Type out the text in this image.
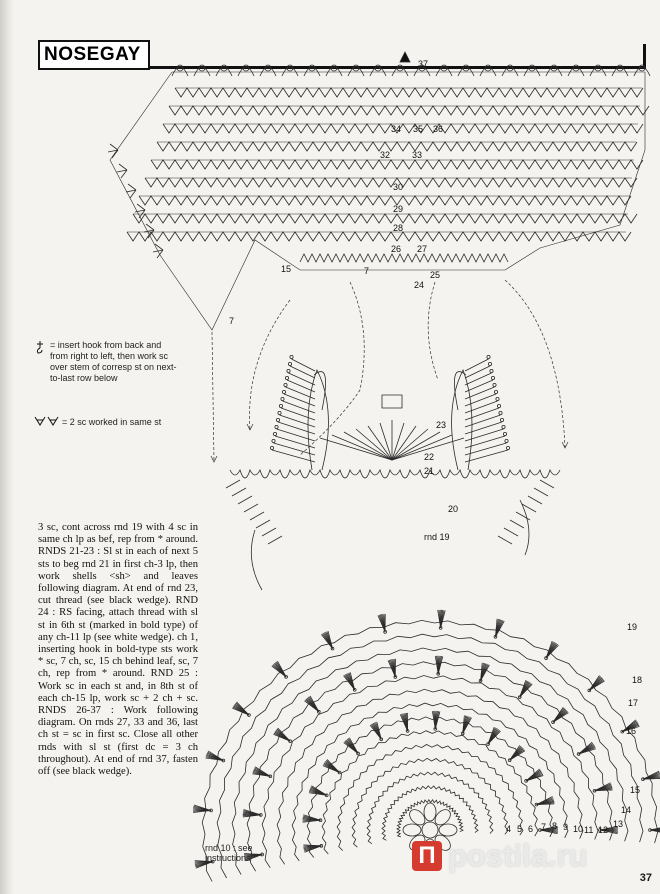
NOSEGAY	37
34 35 36
32 33
30
29
28
26 27
25
24
15	7
7
23
22
21
20
rnd 19
19
18
17
16
15
14
13
12
11
10
9
8
7
6
5
4
= insert hook from back and from right to left, then work sc over stem of corresp st on next-to-last row below
= 2 sc worked in same st
3 sc, cont across rnd 19 with 4 sc in same ch lp as bef, rep from * around. RNDS 21-23 : Sl st in each of next 5 sts to beg rnd 21 in first ch-3 lp, then work shells <sh> and leaves following diagram. At end of rnd 23, cut thread (see black wedge). RND 24 : RS facing, attach thread with sl st in 6th st (marked in bold type) of any ch-11 lp (see white wedge). ch 1, inserting hook in bold-type sts work * sc, 7 ch, sc, 15 ch behind leaf, sc, 7 ch, rep from * around. RND 25 : Work sc in each st and, in 8th st of each ch-15 lp, work sc + 2 ch + sc. RNDS 26-37 : Work following diagram. On rnds 27, 33 and 36, last ch st = sc in first sc. Close all other rnds with sl st (first dc = 3 ch throughout). At end of rnd 37, fasten off (see black wedge).
rnd 10 : see instructions	П postila.ru
37
